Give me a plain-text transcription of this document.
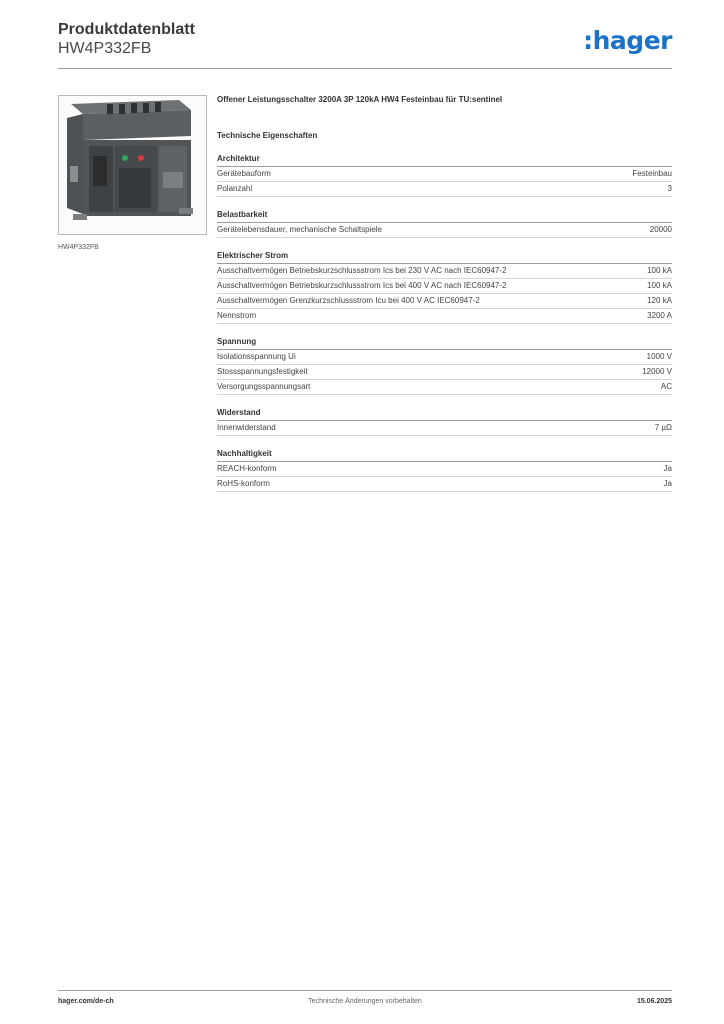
Produktdatenblatt
HW4P332FB	:hager
HW4P332FB
Offener Leistungsschalter 3200A 3P 120kA HW4 Festeinbau für TU:sentinel
Technische Eigenschaften
Architektur
Gerätebauform	Festeinbau
Polanzahl	3
Belastbarkeit
Gerätelebensdauer, mechanische Schaltspiele	20000
Elektrischer Strom
Ausschaltvermögen Betriebskurzschlussstrom Ics bei 230 V AC nach IEC60947-2	100 kA
Ausschaltvermögen Betriebskurzschlussstrom Ics bei 400 V AC nach IEC60947-2	100 kA
Ausschaltvermögen Grenzkurzschlussstrom Icu bei 400 V AC IEC60947-2	120 kA
Nennstrom	3200 A
Spannung
Isolationsspannung Ui	1000 V
Stossspannungsfestigkeit	12000 V
Versorgungsspannungsart	AC
Widerstand
Innenwiderstand	7 µΩ
Nachhaltigkeit
REACH-konform	Ja
RoHS-konform	Ja
hager.com/de-ch	Technische Änderungen vorbehalten	15.06.2025
